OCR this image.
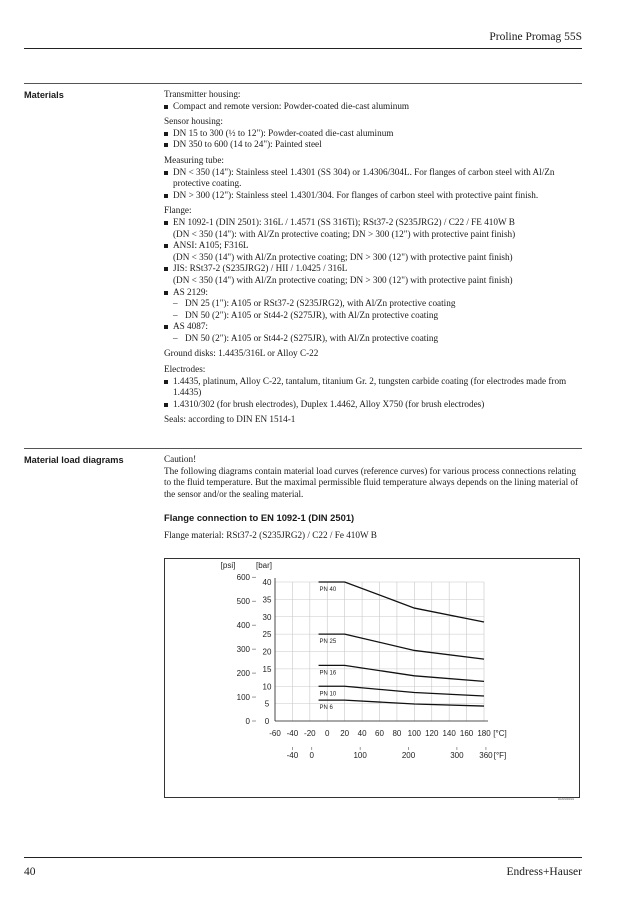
Proline Promag 55S
Materials	Transmitter housing:

Compact and remote version: Powder-coated die-cast aluminum

Sensor housing:

DN 15 to 300 (½ to 12"): Powder-coated die-cast aluminum
DN 350 to 600 (14 to 24"): Painted steel

Measuring tube:

DN < 350 (14"): Stainless steel 1.4301 (SS 304) or 1.4306/304L. For flanges of carbon steel with Al/Zn protective coating.
DN > 300 (12"): Stainless steel 1.4301/304. For flanges of carbon steel with protective paint finish.

Flange:

EN 1092-1 (DIN 2501): 316L / 1.4571 (SS 316Ti); RSt37-2 (S235JRG2) / C22 / FE 410W B
(DN < 350 (14"): with Al/Zn protective coating; DN > 300 (12") with protective paint finish)
ANSI: A105; F316L
(DN < 350 (14") with Al/Zn protective coating; DN > 300 (12") with protective paint finish)
JIS: RSt37-2 (S235JRG2) / HII / 1.0425 / 316L
(DN < 350 (14") with Al/Zn protective coating; DN > 300 (12") with protective paint finish)
AS 2129:
– DN 25 (1"): A105 or RSt37-2 (S235JRG2), with Al/Zn protective coating
– DN 50 (2"): A105 or St44-2 (S275JR), with Al/Zn protective coating
AS 4087:
– DN 50 (2"): A105 or St44-2 (S275JR), with Al/Zn protective coating

Ground disks: 1.4435/316L or Alloy C-22

Electrodes:

1.4435, platinum, Alloy C-22, tantalum, titanium Gr. 2, tungsten carbide coating (for electrodes made from 1.4435)
1.4310/302 (for brush electrodes), Duplex 1.4462, Alloy X750 (for brush electrodes)

Seals: according to DIN EN 1514-1

Material load diagrams	Caution!

The following diagrams contain material load curves (reference curves) for various process connections relating to the fluid temperature. But the maximal permissible fluid temperature always depends on the lining material of the sensor and/or the sealing material.

Flange connection to EN 1092-1 (DIN 2501)

Flange material: RSt37-2 (S235JRG2) / C22 / Fe 410W B

0
5
10
15
20
25
30
35
40
0
100
200
300
400
500
600
[psi]	[bar]
-60 -40 -20 0 20 40 60 80 100 120 140 160 180 [°C]
-40 0	100	200	300 360 [°F]
PN 40
PN 25
PN 16
PN 10
PN 6
A0005544
40	Endress+Hauser
